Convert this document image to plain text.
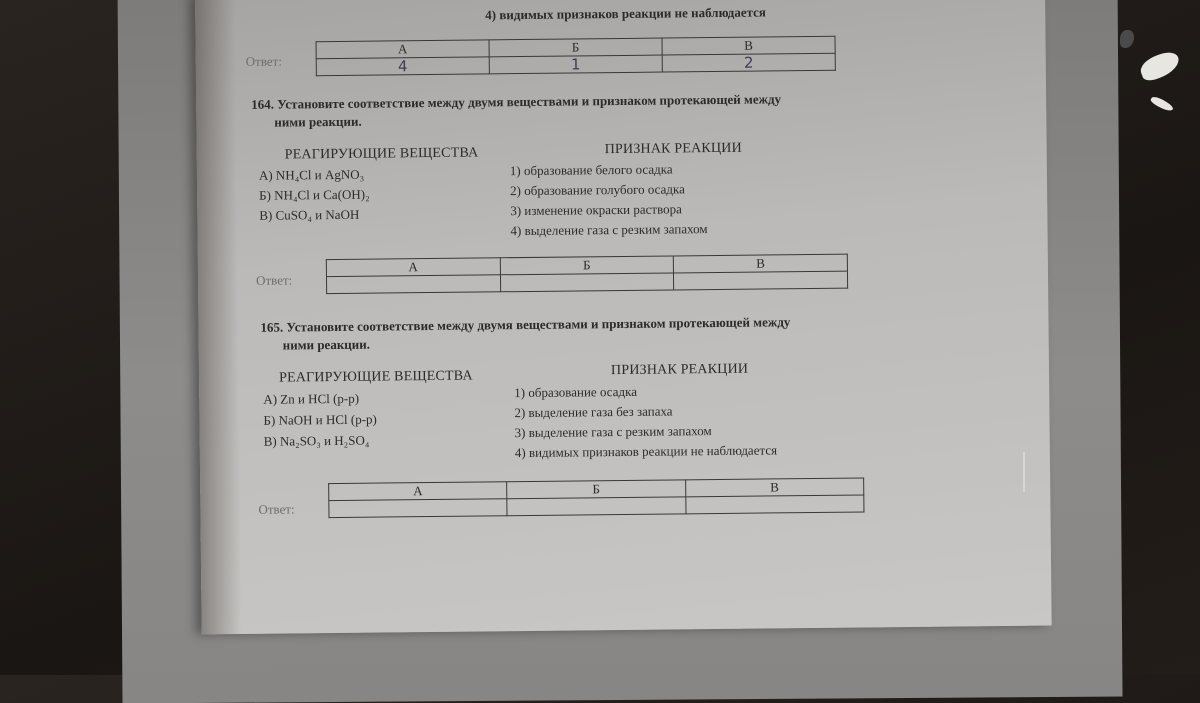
4) видимых признаков реакции не наблюдается
Ответ:
А	Б	В
4	1	2
164. Установите соответствие между двумя веществами и признаком протекающей между
ними реакции.
РЕАГИРУЮЩИЕ ВЕЩЕСТВА	ПРИЗНАК РЕАКЦИИ
А) NH₄Cl и AgNO₃
Б) NH₄Cl и Ca(OH)₂
В) CuSO₄ и NaOH
1) образование белого осадка
2) образование голубого осадка
3) изменение окраски раствора
4) выделение газа с резким запахом
Ответ:
А	Б	В

165. Установите соответствие между двумя веществами и признаком протекающей между
ними реакции.
РЕАГИРУЮЩИЕ ВЕЩЕСТВА	ПРИЗНАК РЕАКЦИИ
А) Zn и HCl (р-р)
Б) NaOH и HCl (р-р)
В) Na₂SO₃ и H₂SO₄
1) образование осадка
2) выделение газа без запаха
3) выделение газа с резким запахом
4) видимых признаков реакции не наблюдается
Ответ:
А	Б	В
